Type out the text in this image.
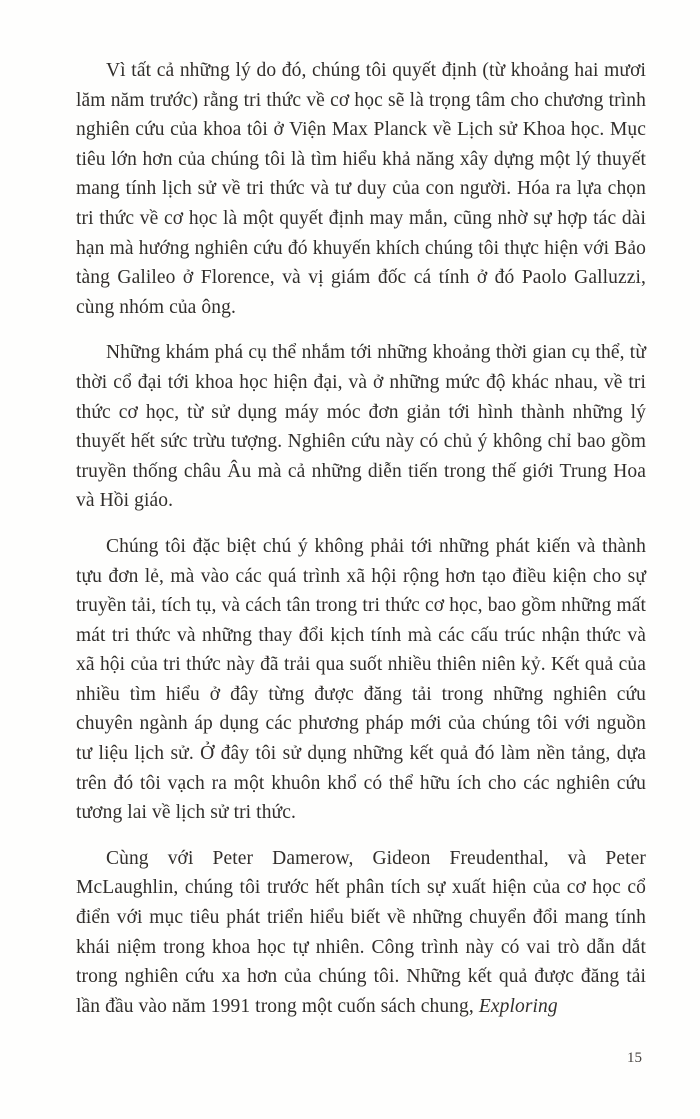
Vì tất cả những lý do đó, chúng tôi quyết định (từ khoảng hai mươi lăm năm trước) rằng tri thức về cơ học sẽ là trọng tâm cho chương trình nghiên cứu của khoa tôi ở Viện Max Planck về Lịch sử Khoa học. Mục tiêu lớn hơn của chúng tôi là tìm hiểu khả năng xây dựng một lý thuyết mang tính lịch sử về tri thức và tư duy của con người. Hóa ra lựa chọn tri thức về cơ học là một quyết định may mắn, cũng nhờ sự hợp tác dài hạn mà hướng nghiên cứu đó khuyến khích chúng tôi thực hiện với Bảo tàng Galileo ở Florence, và vị giám đốc cá tính ở đó Paolo Galluzzi, cùng nhóm của ông.

Những khám phá cụ thể nhắm tới những khoảng thời gian cụ thể, từ thời cổ đại tới khoa học hiện đại, và ở những mức độ khác nhau, về tri thức cơ học, từ sử dụng máy móc đơn giản tới hình thành những lý thuyết hết sức trừu tượng. Nghiên cứu này có chủ ý không chỉ bao gồm truyền thống châu Âu mà cả những diễn tiến trong thế giới Trung Hoa và Hồi giáo.

Chúng tôi đặc biệt chú ý không phải tới những phát kiến và thành tựu đơn lẻ, mà vào các quá trình xã hội rộng hơn tạo điều kiện cho sự truyền tải, tích tụ, và cách tân trong tri thức cơ học, bao gồm những mất mát tri thức và những thay đổi kịch tính mà các cấu trúc nhận thức và xã hội của tri thức này đã trải qua suốt nhiều thiên niên kỷ. Kết quả của nhiều tìm hiểu ở đây từng được đăng tải trong những nghiên cứu chuyên ngành áp dụng các phương pháp mới của chúng tôi với nguồn tư liệu lịch sử. Ở đây tôi sử dụng những kết quả đó làm nền tảng, dựa trên đó tôi vạch ra một khuôn khổ có thể hữu ích cho các nghiên cứu tương lai về lịch sử tri thức.

Cùng với Peter Damerow, Gideon Freudenthal, và Peter McLaughlin, chúng tôi trước hết phân tích sự xuất hiện của cơ học cổ điển với mục tiêu phát triển hiểu biết về những chuyển đổi mang tính khái niệm trong khoa học tự nhiên. Công trình này có vai trò dẫn dắt trong nghiên cứu xa hơn của chúng tôi. Những kết quả được đăng tải lần đầu vào năm 1991 trong một cuốn sách chung, Exploring

15
